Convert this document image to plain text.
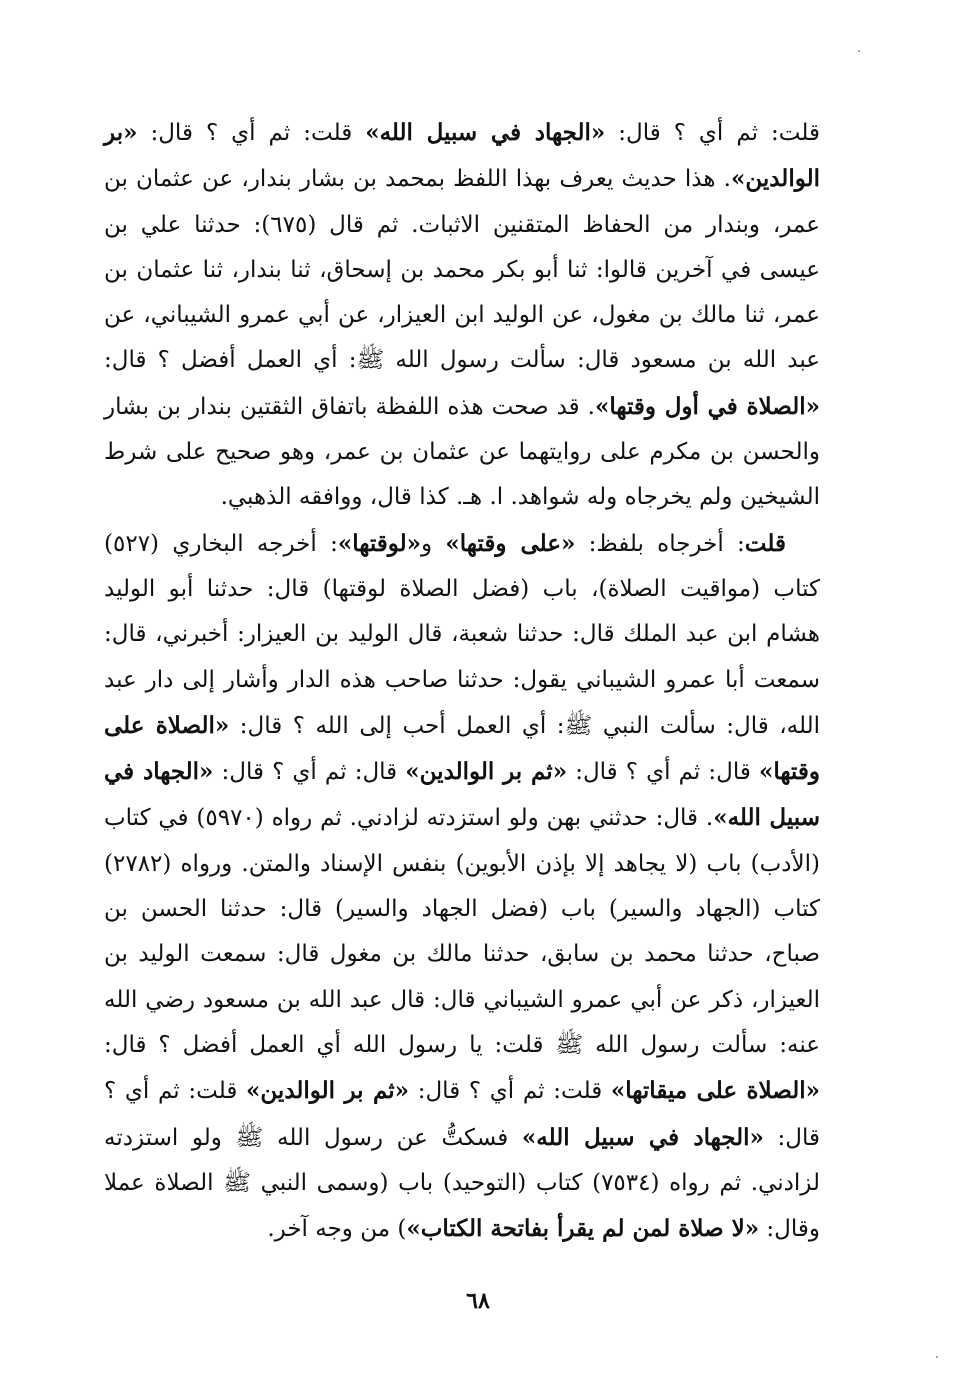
قلت: ثم أي ؟ قال: «الجهاد في سبيل الله» قلت: ثم أي ؟ قال: «بر الوالدين». هذا حديث يعرف بهذا اللفظ بمحمد بن بشار بندار، عن عثمان بن عمر، وبندار من الحفاظ المتقنين الاثبات. ثم قال (٦٧٥): حدثنا علي بن عيسى في آخرين قالوا: ثنا أبو بكر محمد بن إسحاق، ثنا بندار، ثنا عثمان بن عمر، ثنا مالك بن مغول، عن الوليد ابن العيزار، عن أبي عمرو الشيباني، عن عبد الله بن مسعود قال: سألت رسول الله ﷺ: أي العمل أفضل ؟ قال: «الصلاة في أول وقتها». قد صحت هذه اللفظة باتفاق الثقتين بندار بن بشار والحسن بن مكرم على روايتهما عن عثمان بن عمر، وهو صحيح على شرط الشيخين ولم يخرجاه وله شواهد. ا. هـ. كذا قال، ووافقه الذهبي.

قلت: أخرجاه بلفظ: «على وقتها» و«لوقتها»: أخرجه البخاري (٥٢٧) كتاب (مواقيت الصلاة)، باب (فضل الصلاة لوقتها) قال: حدثنا أبو الوليد هشام ابن عبد الملك قال: حدثنا شعبة، قال الوليد بن العيزار: أخبرني، قال: سمعت أبا عمرو الشيباني يقول: حدثنا صاحب هذه الدار وأشار إلى دار عبد الله، قال: سألت النبي ﷺ: أي العمل أحب إلى الله ؟ قال: «الصلاة على وقتها» قال: ثم أي ؟ قال: «ثم بر الوالدين» قال: ثم أي ؟ قال: «الجهاد في سبيل الله». قال: حدثني بهن ولو استزدته لزادني. ثم رواه (٥٩٧٠) في كتاب (الأدب) باب (لا يجاهد إلا بإذن الأبوين) بنفس الإسناد والمتن. ورواه (٢٧٨٢) كتاب (الجهاد والسير) باب (فضل الجهاد والسير) قال: حدثنا الحسن بن صباح، حدثنا محمد بن سابق، حدثنا مالك بن مغول قال: سمعت الوليد بن العيزار، ذكر عن أبي عمرو الشيباني قال: قال عبد الله بن مسعود رضي الله عنه: سألت رسول الله ﷺ قلت: يا رسول الله أي العمل أفضل ؟ قال: «الصلاة على ميقاتها» قلت: ثم أي ؟ قال: «ثم بر الوالدين» قلت: ثم أي ؟ قال: «الجهاد في سبيل الله» فسكتُّ عن رسول الله ﷺ ولو استزدته لزادني. ثم رواه (٧٥٣٤) كتاب (التوحيد) باب (وسمى النبي ﷺ الصلاة عملا وقال: «لا صلاة لمن لم يقرأ بفاتحة الكتاب») من وجه آخر.

٦٨
